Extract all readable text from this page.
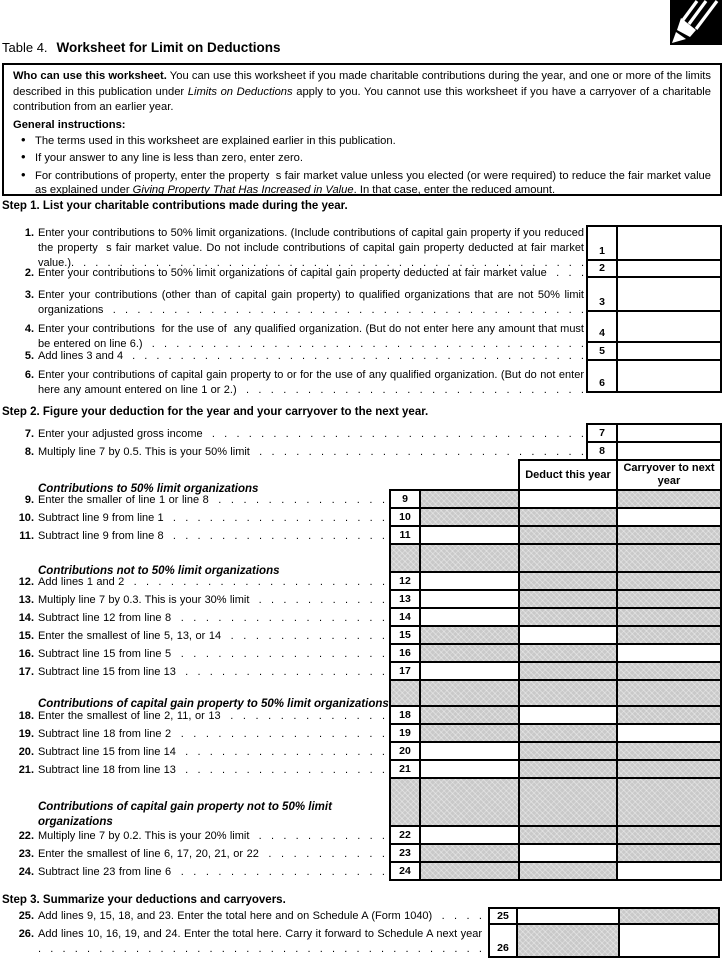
Table 4. Worksheet for Limit on Deductions

Who can use this worksheet. You can use this worksheet if you made charitable contributions during the year, and one or more of the limits described in this publication under Limits on Deductions apply to you. You cannot use this worksheet if you have a carryover of a charitable contribution from an earlier year.

General instructions:

• The terms used in this worksheet are explained earlier in this publication.
• If your answer to any line is less than zero, enter zero.
• For contributions of property, enter the property  s fair market value unless you elected (or were required) to reduce the fair market value as explained under Giving Property That Has Increased in Value. In that case, enter the reduced amount.
Step 1. List your charitable contributions made during the year.
Step 2. Figure your deduction for the year and your carryover to the next year.
Step 3. Summarize your deductions and carryovers.
Contributions to 50% limit organizations
Contributions not to 50% limit organizations
Contributions of capital gain property to 50% limit organizations
Contributions of capital gain property not to 50% limit organizations
1 . Enter your contributions to 50% limit organizations. (Include contributions of capital gain property if you reduced the property  s fair market value. Do not include contributions of capital gain property deducted at fair market value.). . . .
2 . Enter your contributions to 50% limit organizations of capital gain property deducted at fair market value . . .
3 . Enter your contributions (other than of capital gain property) to qualified organizations that are not 50% limit organizations . . .
4 . Enter your contributions  for the use of  any qualified organization. (But do not enter here any amount that must be entered on line 6.) . . .
5 . Add lines 3 and 4 . . .
6 . Enter your contributions of capital gain property to or for the use of any qualified organization. (But do not enter here any amount entered on line 1 or 2.) . . .
7 . Enter your adjusted gross income . . .
8 . Multiply line 7 by 0.5. This is your 50% limit . . .
9 . Enter the smaller of line 1 or line 8 . . .
10 . Subtract line 9 from line 1 . . .
11 . Subtract line 9 from line 8 . . .
12 . Add lines 1 and 2 . . .
13 . Multiply line 7 by 0.3. This is your 30% limit . . .
14 . Subtract line 12 from line 8 . . .
15 . Enter the smallest of line 5, 13, or 14 . . .
16 . Subtract line 15 from line 5 . . .
17 . Subtract line 15 from line 13 . . .
18 . Enter the smallest of line 2, 11, or 13 . . .
19 . Subtract line 18 from line 2 . . .
20 . Subtract line 15 from line 14 . . .
21 . Subtract line 18 from line 13 . . .
22 . Multiply line 7 by 0.2. This is your 20% limit . . .
23 . Enter the smallest of line 6, 17, 20, 21, or 22 . . .
24 . Subtract line 23 from line 6 . . .
25 . Add lines 9, 15, 18, and 23. Enter the total here and on Schedule A (Form 1040) . . .
26 . Add lines 10, 16, 19, and 24. Enter the total here. Carry it forward to Schedule A next year . . .
1
2
3
4
5
6
7
8
Deduct this year
Carryover to next year
9
10
11
12
13
14
15
16
17
18
19
20
21
22
23
24
25
26
